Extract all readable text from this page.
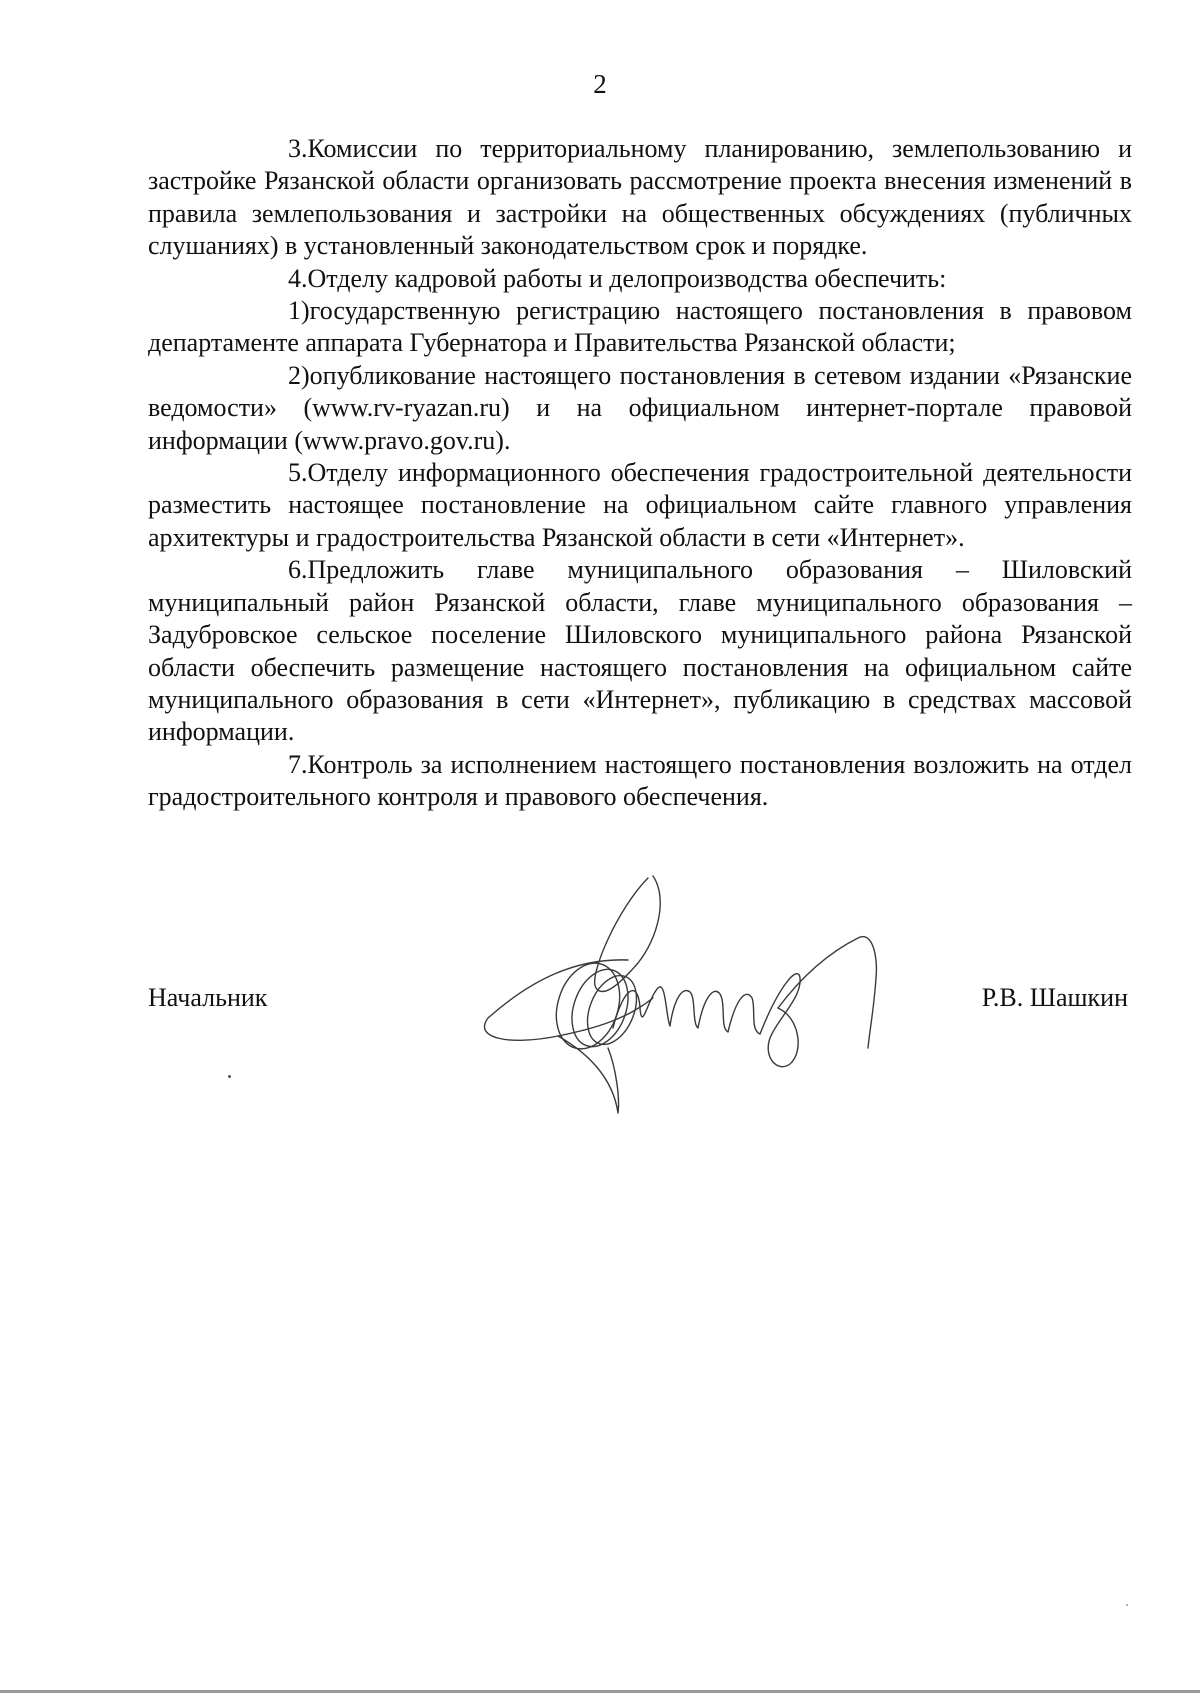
2

3.Комиссии по территориальному планированию, землепользованию и застройке Рязанской области организовать рассмотрение проекта внесения изменений в правила землепользования и застройки на общественных обсуждениях (публичных слушаниях) в установленный законодательством срок и порядке.

4.Отделу кадровой работы и делопроизводства обеспечить:

1)государственную регистрацию настоящего постановления в правовом департаменте аппарата Губернатора и Правительства Рязанской области;

2)опубликование настоящего постановления в сетевом издании «Рязанские ведомости» (www.rv-ryazan.ru) и на официальном интернет-портале правовой информации (www.pravo.gov.ru).

5.Отделу информационного обеспечения градостроительной деятельности разместить настоящее постановление на официальном сайте главного управления архитектуры и градостроительства Рязанской области в сети «Интернет».

6.Предложить главе муниципального образования – Шиловский муниципальный район Рязанской области, главе муниципального образования – Задубровское сельское поселение Шиловского муниципального района Рязанской области обеспечить размещение настоящего постановления на официальном сайте муниципального образования в сети «Интернет», публикацию в средствах массовой информации.

7.Контроль за исполнением настоящего постановления возложить на отдел градостроительного контроля и правового обеспечения.

Начальник	Р.В. Шашкин
